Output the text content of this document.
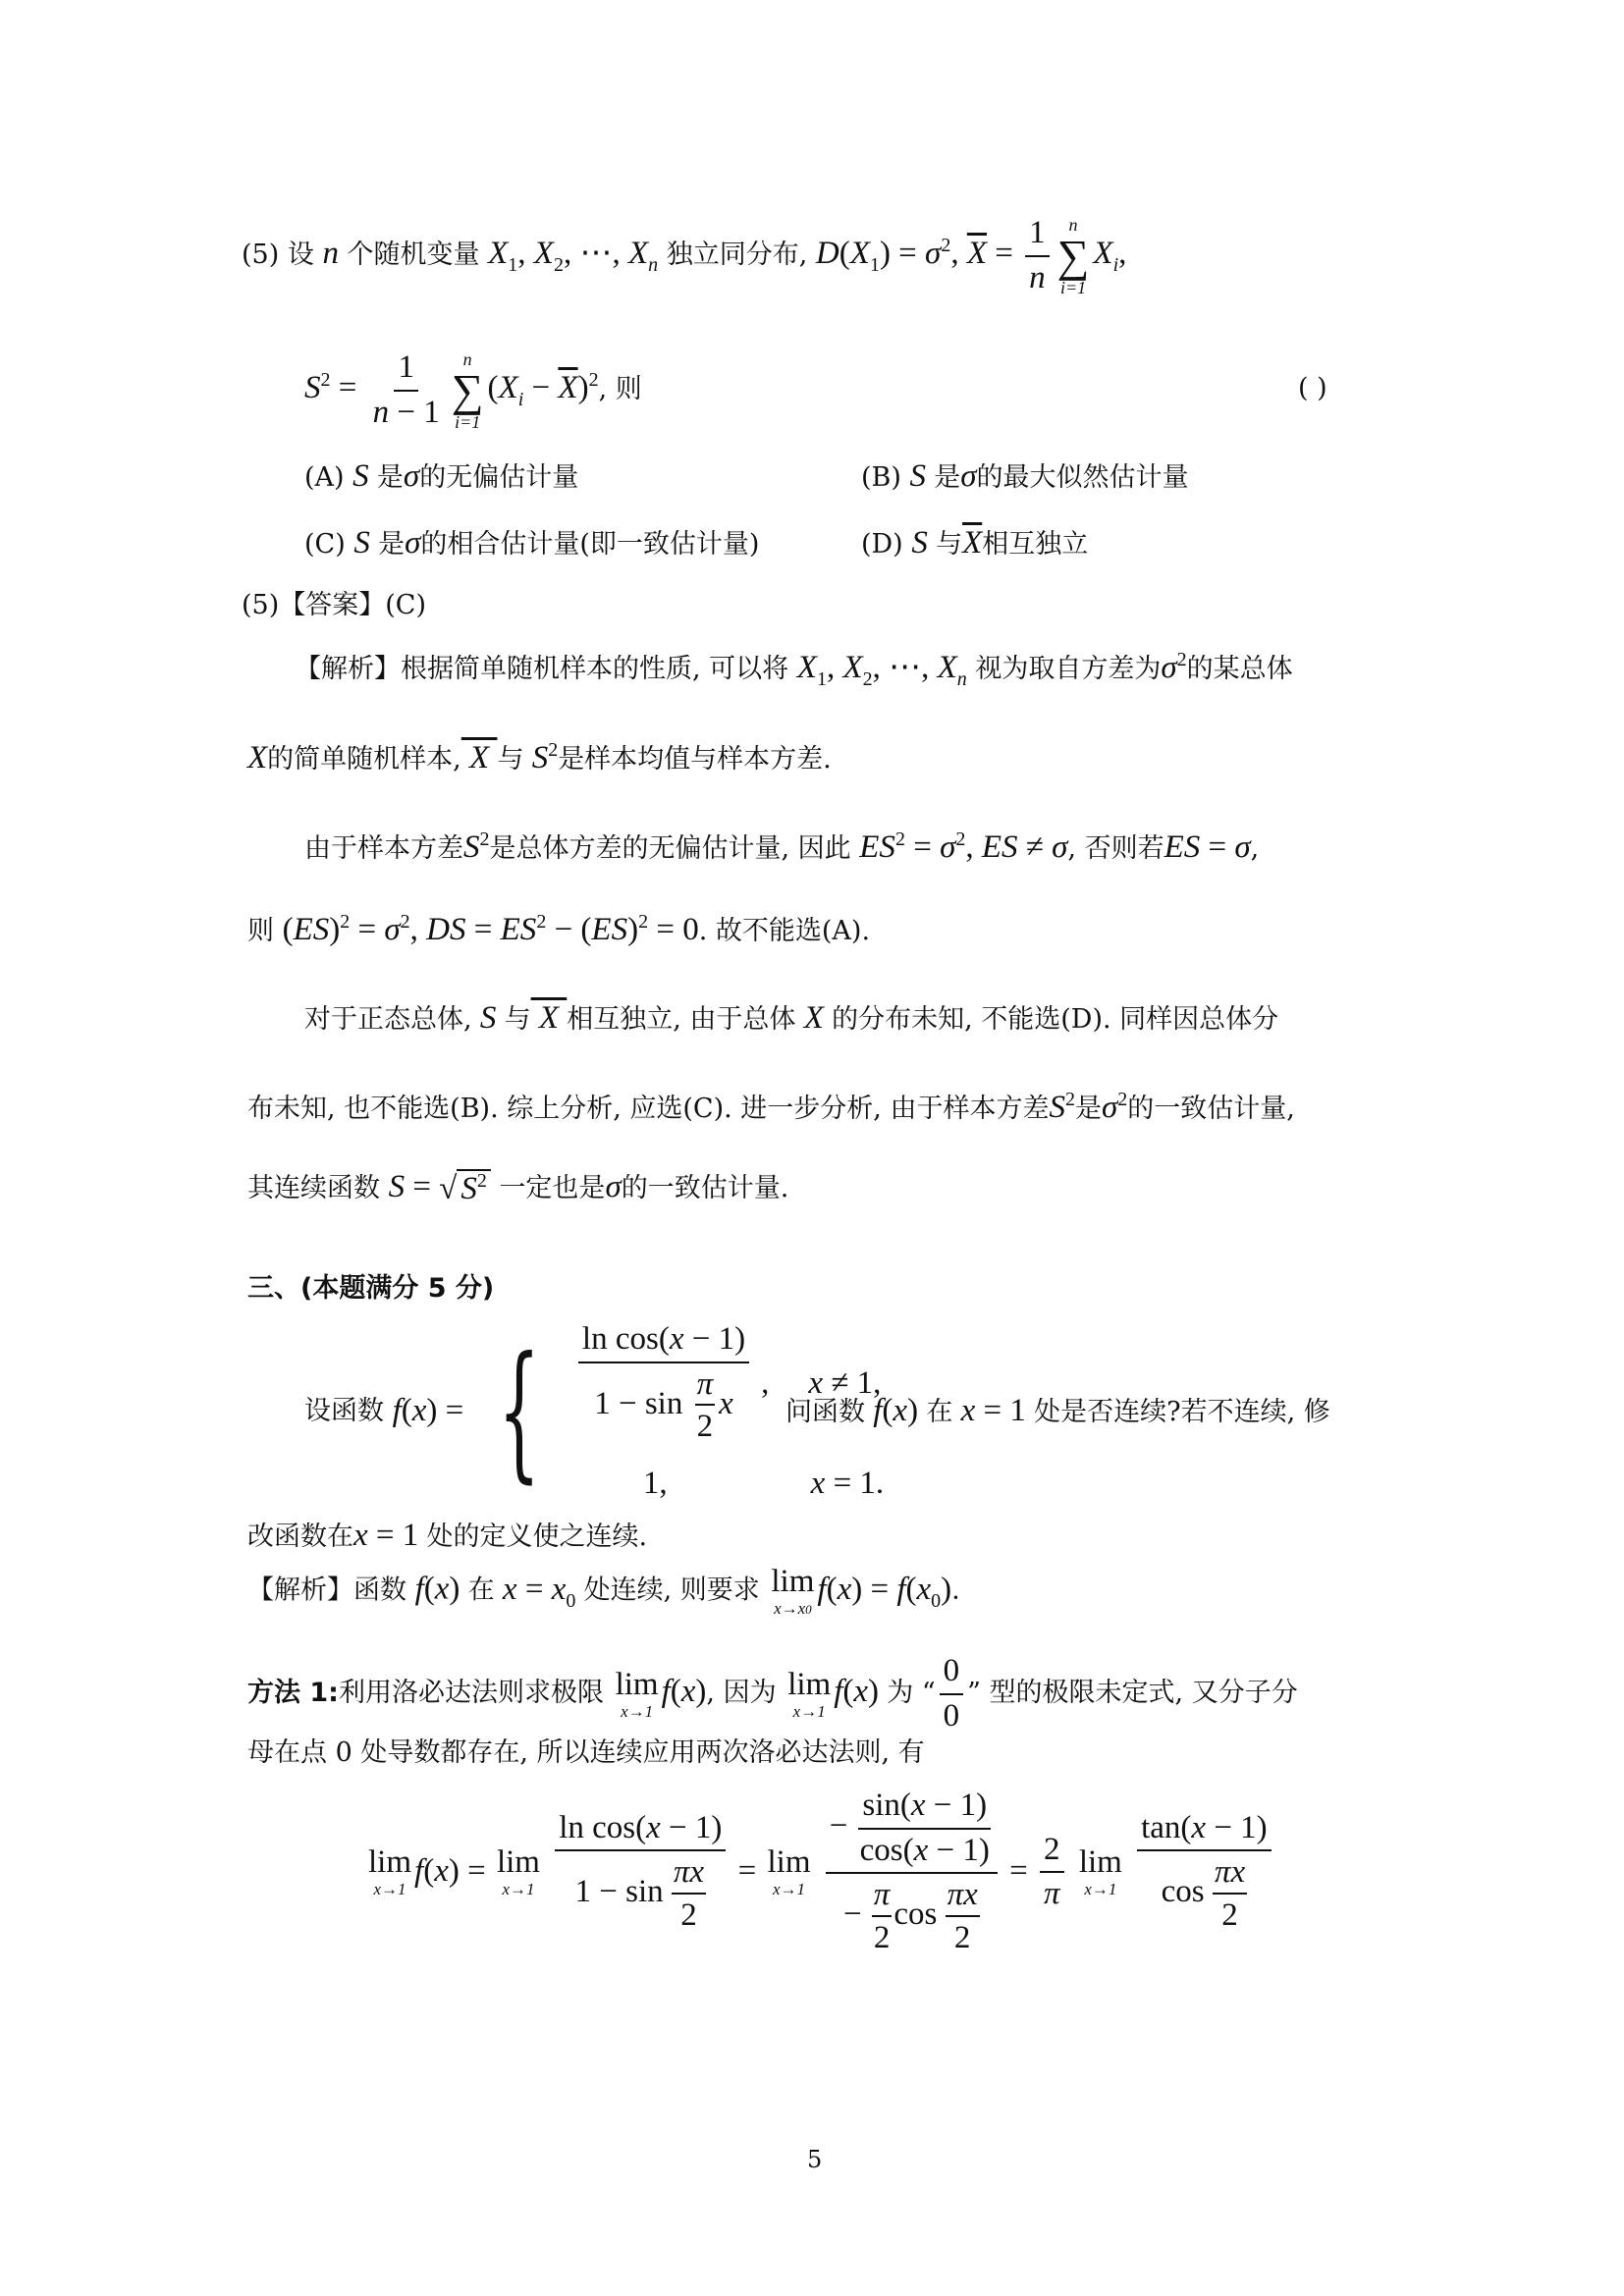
(5) 设 n 个随机变量 $X_1$, $X_2$, ⋯, $X_n$ 独立同分布, $D(X_1) = \sigma^2$, $\overline{X} = \frac{1}{n}$ n
∑
i=1
$X_i$,
$S^2 = \frac{1}{n - 1}$ n
∑
i=1
$(X_i - \overline{X})^2$, 则	( )
(A) S 是σ的无偏估计量	(B) S 是σ的最大似然估计量
(C) S 是σ的相合估计量(即一致估计量)	(D) S 与$\overline{X}$相互独立
(5)【答案】(C)
【解析】根据简单随机样本的性质, 可以将 $X_1$, $X_2$, ⋯, $X_n$ 视为取自方差为$\sigma^2$的某总体
X的简单随机样本, X 与 $S^2$是样本均值与样本方差.
由于样本方差$S^2$是总体方差的无偏估计量, 因此 $ES^2 = \sigma^2$, ES ≠ σ, 否则若ES = σ,
则 $(ES)^2 = \sigma^2$, DS = $ES^2 - (ES)^2 = 0$. 故不能选(A).
对于正态总体, S 与 X 相互独立, 由于总体 X 的分布未知, 不能选(D). 同样因总体分
布未知, 也不能选(B). 综上分析, 应选(C). 进一步分析, 由于样本方差$S^2$是$\sigma^2$的一致估计量,
其连续函数 S = √ $S^2$ 一定也是σ的一致估计量.
三、(本题满分 5 分)
设函数 f(x) = { $\frac{\text{ln cos(x − 1)}}{1 - \sin \frac{\pi}{2} x}$ , x ≠ 1,
1,	x = 1.
问函数 f(x) 在 x = 1 处是否连续?若不连续, 修
改函数在x = 1 处的定义使之连续.
【解析】函数 f(x) 在 $x = x_0$ 处连续, 则要求 lim
x→x0
$f(x) = f(x_0)$.
方法 1:利用洛必达法则求极限 lim
x→1
f(x), 因为 lim
x→1
f(x) 为 “ $\frac{0}{0}$ ” 型的极限未定式, 又分子分
母在点 0 处导数都存在, 所以连续应用两次洛必达法则, 有
lim
x→1
f(x) = lim
x→1
$\frac{\text{ln cos(x − 1)}}{1 - \sin \frac{\pi x}{2}} = \lim$
x→1
$\frac{- \frac{\sin(x - 1)}{\cos(x - 1)}}{- \frac{\pi}{2} \cos \frac{\pi x}{2}} = \frac{2}{\pi}$
lim
x→1
$\frac{\tan(x - 1)}{\cos \frac{\pi x}{2}}$
5
